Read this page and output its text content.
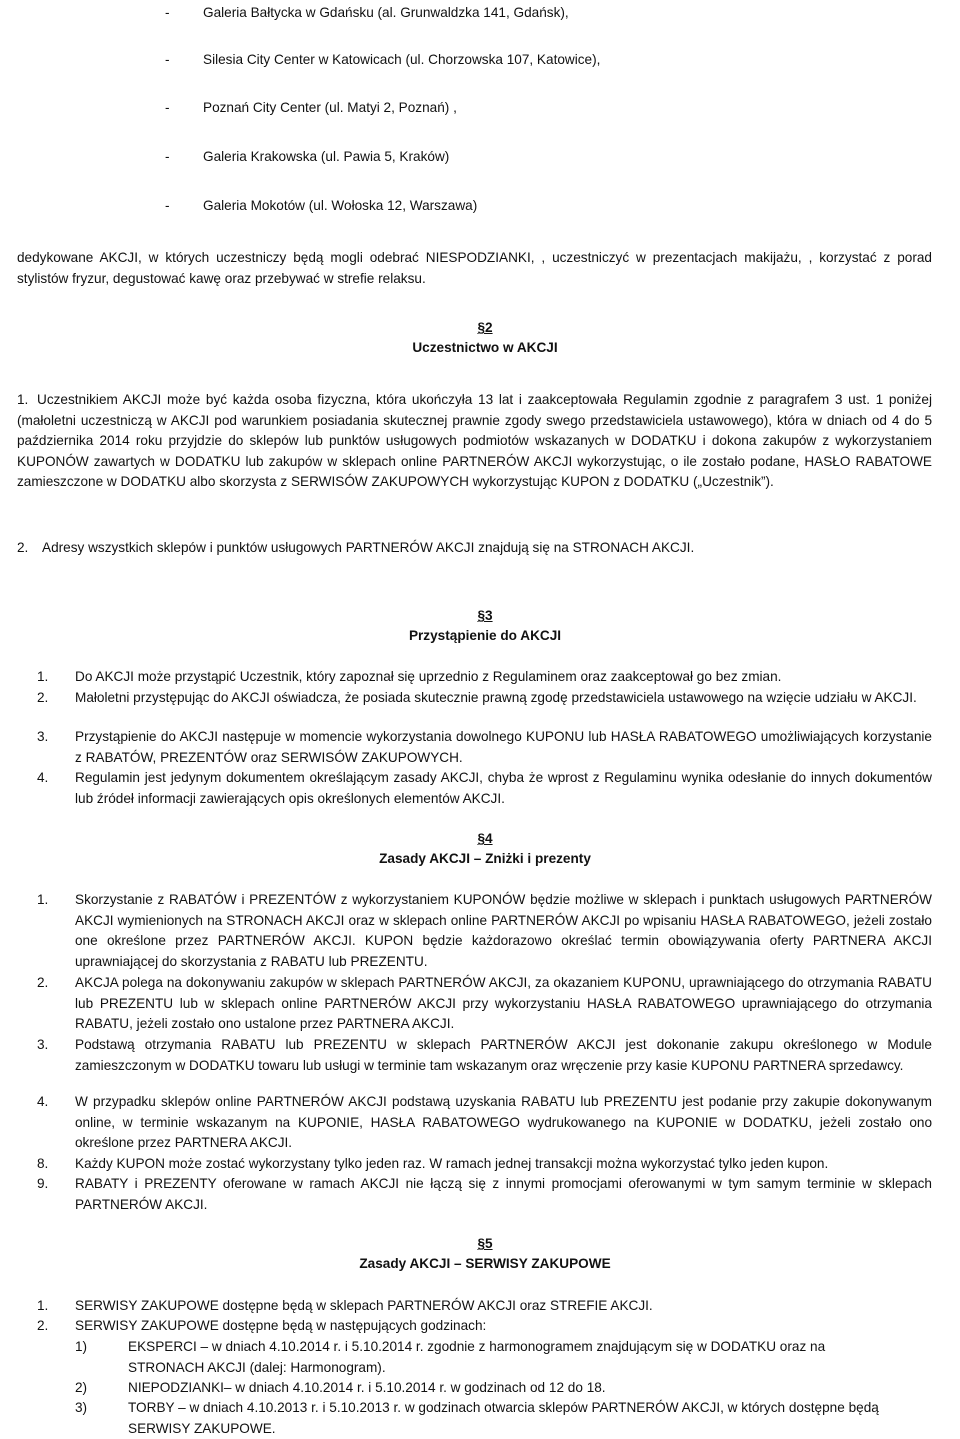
- Galeria Bałtycka w Gdańsku (al. Grunwaldzka 141, Gdańsk),
- Silesia City Center w Katowicach (ul. Chorzowska 107, Katowice),
- Poznań City Center (ul. Matyi 2, Poznań) ,
- Galeria Krakowska (ul. Pawia 5, Kraków)
- Galeria Mokotów (ul. Wołoska 12, Warszawa)
dedykowane AKCJI, w których uczestniczy będą mogli odebrać NIESPODZIANKI, , uczestniczyć w prezentacjach makijażu, , korzystać z porad stylistów fryzur, degustować kawę oraz przebywać w strefie relaksu.
§2
Uczestnictwo w AKCJI
1. Uczestnikiem AKCJI może być każda osoba fizyczna, która ukończyła 13 lat i zaakceptowała Regulamin zgodnie z paragrafem 3 ust. 1 poniżej (małoletni uczestniczą w AKCJI pod warunkiem posiadania skutecznej prawnie zgody swego przedstawiciela ustawowego), która w dniach od 4 do 5 października 2014 roku przyjdzie do sklepów lub punktów usługowych podmiotów wskazanych w DODATKU i dokona zakupów z wykorzystaniem KUPONÓW zawartych w DODATKU lub zakupów w sklepach online PARTNERÓW AKCJI wykorzystując, o ile zostało podane, HASŁO RABATOWE zamieszczone w DODATKU albo skorzysta z SERWISÓW ZAKUPOWYCH wykorzystując KUPON z DODATKU („Uczestnik”).
2. Adresy wszystkich sklepów i punktów usługowych PARTNERÓW AKCJI znajdują się na STRONACH AKCJI.
§3
Przystąpienie do AKCJI
1. Do AKCJI może przystąpić Uczestnik, który zapoznał się uprzednio z Regulaminem oraz zaakceptował go bez zmian.
2. Małoletni przystępując do AKCJI oświadcza, że posiada skutecznie prawną zgodę przedstawiciela ustawowego na wzięcie udziału w AKCJI.
3. Przystąpienie do AKCJI następuje w momencie wykorzystania dowolnego KUPONU lub HASŁA RABATOWEGO umożliwiających korzystanie z RABATÓW, PREZENTÓW oraz SERWISÓW ZAKUPOWYCH.
4. Regulamin jest jedynym dokumentem określającym zasady AKCJI, chyba że wprost z Regulaminu wynika odesłanie do innych dokumentów lub źródeł informacji zawierających opis określonych elementów AKCJI.
§4
Zasady AKCJI – Zniżki i prezenty
1. Skorzystanie z RABATÓW i PREZENTÓW z wykorzystaniem KUPONÓW będzie możliwe w sklepach i punktach usługowych PARTNERÓW AKCJI wymienionych na STRONACH AKCJI oraz w sklepach online PARTNERÓW AKCJI po wpisaniu HASŁA RABATOWEGO, jeżeli zostało one określone przez PARTNERÓW AKCJI. KUPON będzie każdorazowo określać termin obowiązywania oferty PARTNERA AKCJI uprawniającej do skorzystania z RABATU lub PREZENTU.
2. AKCJA polega na dokonywaniu zakupów w sklepach PARTNERÓW AKCJI, za okazaniem KUPONU, uprawniającego do otrzymania RABATU lub PREZENTU lub w sklepach online PARTNERÓW AKCJI przy wykorzystaniu HASŁA RABATOWEGO uprawniającego do otrzymania RABATU, jeżeli zostało ono ustalone przez PARTNERA AKCJI.
3. Podstawą otrzymania RABATU lub PREZENTU w sklepach PARTNERÓW AKCJI jest dokonanie zakupu określonego w Module zamieszczonym w DODATKU towaru lub usługi w terminie tam wskazanym oraz wręczenie przy kasie KUPONU PARTNERA sprzedawcy.
4. W przypadku sklepów online PARTNERÓW AKCJI podstawą uzyskania RABATU lub PREZENTU jest podanie przy zakupie dokonywanym online, w terminie wskazanym na KUPONIE, HASŁA RABATOWEGO wydrukowanego na KUPONIE w DODATKU, jeżeli zostało ono określone przez PARTNERA AKCJI.
8. Każdy KUPON może zostać wykorzystany tylko jeden raz. W ramach jednej transakcji można wykorzystać tylko jeden kupon.
9. RABATY i PREZENTY oferowane w ramach AKCJI nie łączą się z innymi promocjami oferowanymi w tym samym terminie w sklepach PARTNERÓW AKCJI.
§5
Zasady AKCJI – SERWISY ZAKUPOWE
1. SERWISY ZAKUPOWE dostępne będą w sklepach PARTNERÓW AKCJI oraz STREFIE AKCJI.
2. SERWISY ZAKUPOWE dostępne będą w następujących godzinach:
1)	EKSPERCI – w dniach 4.10.2014 r. i 5.10.2014 r. zgodnie z harmonogramem znajdującym się w DODATKU oraz na STRONACH AKCJI (dalej: Harmonogram).
2)	NIEPODZIANKI– w dniach 4.10.2014 r. i 5.10.2014 r. w godzinach od 12 do 18.
3)	TORBY – w dniach 4.10.2013 r. i 5.10.2013 r. w godzinach otwarcia sklepów PARTNERÓW AKCJI, w których dostępne będą SERWISY ZAKUPOWE.
